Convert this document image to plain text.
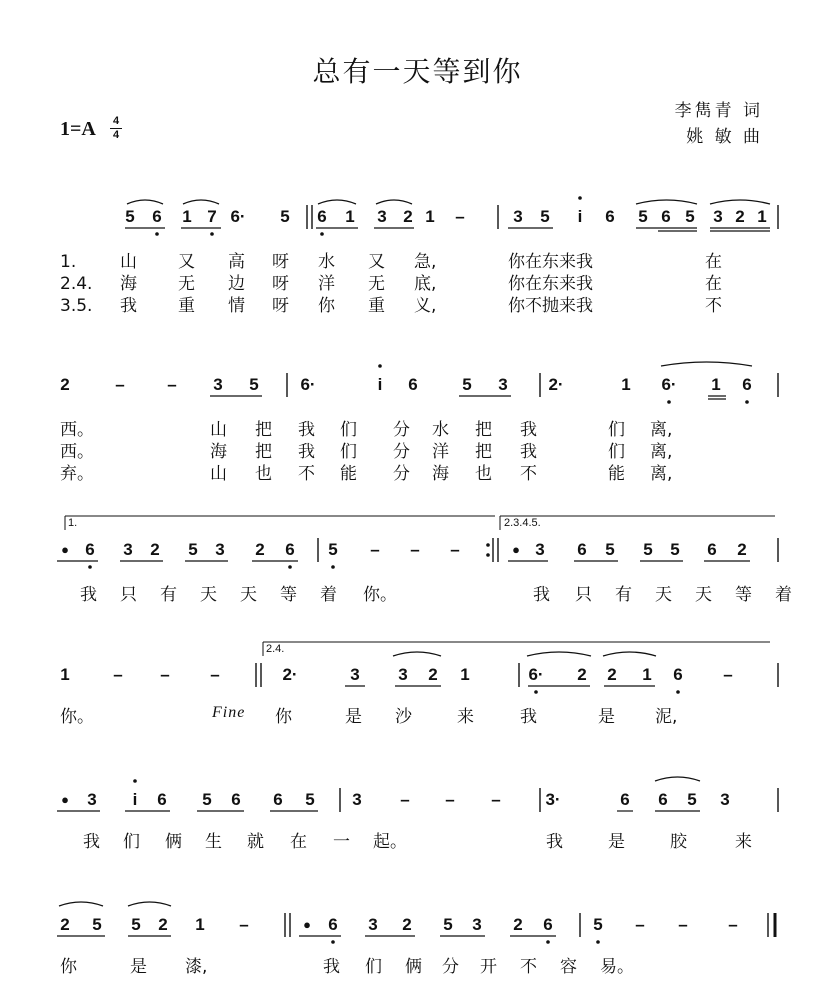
总有一天等到你
1=A 4
4
李雋青 词
姚 敏 曲
5 6 1 7 6· 5 6 1 3 2 1 –	3 5	i	6 5 6 5 3 2 1
2	–	– 3 5 6·	i	6	5 3 2·	1 6· 1 6
● 6 3 2 5 3 2 6 5 – – –	● 3 6 5 5 5 6 2
1	– – –	2·	3 3 2 1	6· 2 2 1 6 –
● 3	i	6 5 6 6 5 3 – – –	3·	6 6 5 3
2 5 5 2 1 –	● 6 3 2 5 3 2 6 5 – – –
1.	2.3.4.5.
2.4.
1.	山 又 高 呀 水 又 急,	你在东来我	在
2.4. 海 无 边 呀 洋 无 底,	你在东来我	在
3.5. 我 重 情 呀 你 重 义,	你不抛来我	不
西。	山 把 我 们 分 水 把 我	们 离,
西。	海 把 我 们 分 洋 把 我	们 离,
弃。	山 也 不 能 分 海 也 不	能 离,
我 只 有 天 天 等 着 你。	我 只 有 天 天 等 着
你。	你	是 沙	来	我	是 泥,
我 们 俩 生 就 在 一 起。	我	是	胶	来
你	是 漆,	我 们 俩 分 开 不 容 易。
Fine
